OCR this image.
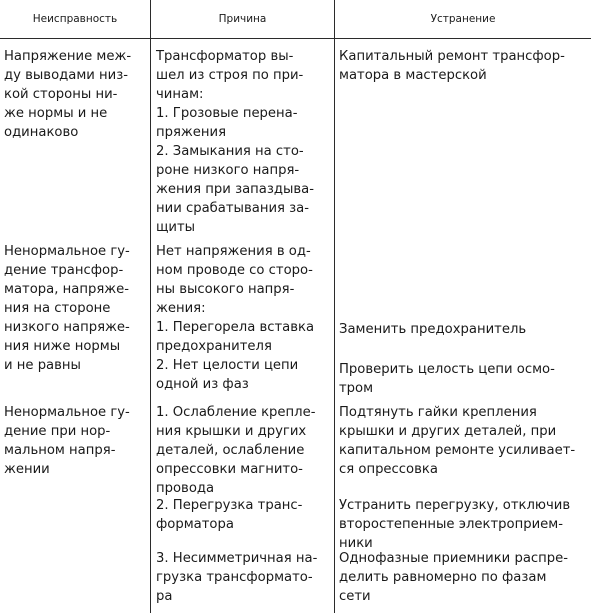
Неисправность	Причина	Устранение
Напряжение меж-
ду выводами низ-
кой стороны ни-
же нормы и не
одинаково
Трансформатор вы-
шел из строя по при-
чинам:
1. Грозовые перена-
пряжения
2. Замыкания на сто-
роне низкого напря-
жения при запаздыва-
нии срабатывания за-
щиты
Капитальный ремонт трансфор-
матора в мастерской
Ненормальное гу-
дение трансфор-
матора, напряже-
ния на стороне
низкого напряже-
ния ниже нормы
и не равны
Нет напряжения в од-
ном проводе со сторо-
ны высокого напря-
жения:
1. Перегорела вставка
предохранителя
2. Нет целости цепи
одной из фаз
Заменить предохранитель
Проверить целость цепи осмо-
тром
Ненормальное гу-
дение при нор-
мальном напря-
жении
1. Ослабление крепле-
ния крышки и других
деталей, ослабление
опрессовки магнито-
провода
2. Перегрузка транс-
форматора
3. Несимметричная на-
грузка трансформато-
ра
Подтянуть гайки крепления
крышки и других деталей, при
капитальном ремонте усиливает-
ся опрессовка
Устранить перегрузку, отключив
второстепенные электроприем-
ники
Однофазные приемники распре-
делить равномерно по фазам
сети
